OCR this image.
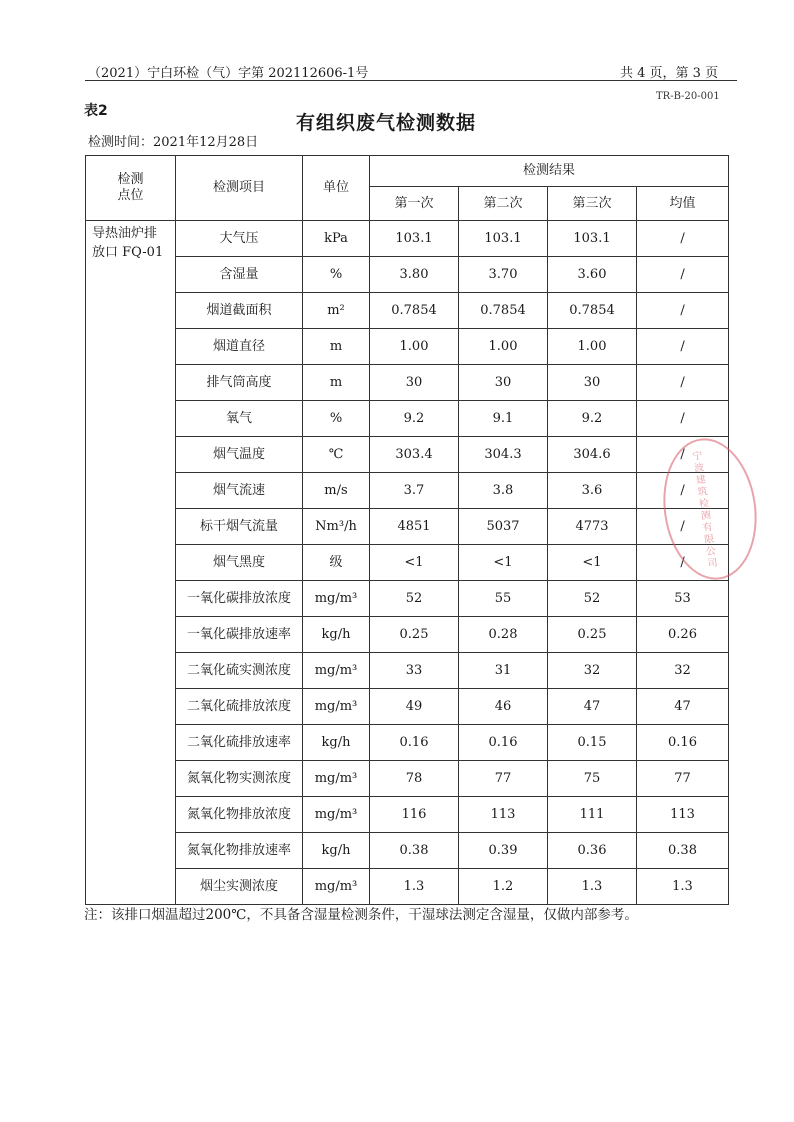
（2021）宁白环检（气）字第 202112606-1号	共 4 页，第 3 页
TR-B-20-001
表2
有组织废气检测数据
检测时间：2021年12月28日
检测
点位	检测项目	单位	检测结果			
			第一次	第二次	第三次	均值
导热油炉排
放口 FQ-01	大气压	kPa	103.1	103.1	103.1	/
	含湿量	%	3.80	3.70	3.60	/
	烟道截面积	m²	0.7854	0.7854	0.7854	/
	烟道直径	m	1.00	1.00	1.00	/
	排气筒高度	m	30	30	30	/
	氧气	%	9.2	9.1	9.2	/
	烟气温度	℃	303.4	304.3	304.6	/
	烟气流速	m/s	3.7	3.8	3.6	/
	标干烟气流量	Nm³/h	4851	5037	4773	/
	烟气黑度	级	<1	<1	<1	/
	一氧化碳排放浓度	mg/m³	52	55	52	53
	一氧化碳排放速率	kg/h	0.25	0.28	0.25	0.26
	二氧化硫实测浓度	mg/m³	33	31	32	32
	二氧化硫排放浓度	mg/m³	49	46	47	47
	二氧化硫排放速率	kg/h	0.16	0.16	0.15	0.16
	氮氧化物实测浓度	mg/m³	78	77	75	77
	氮氧化物排放浓度	mg/m³	116	113	111	113
	氮氧化物排放速率	kg/h	0.38	0.39	0.36	0.38
	烟尘实测浓度	mg/m³	1.3	1.2	1.3	1.3
注：该排口烟温超过200℃，不具备含湿量检测条件，干湿球法测定含湿量，仅做内部参考。
宁波建筑检测有限公司
